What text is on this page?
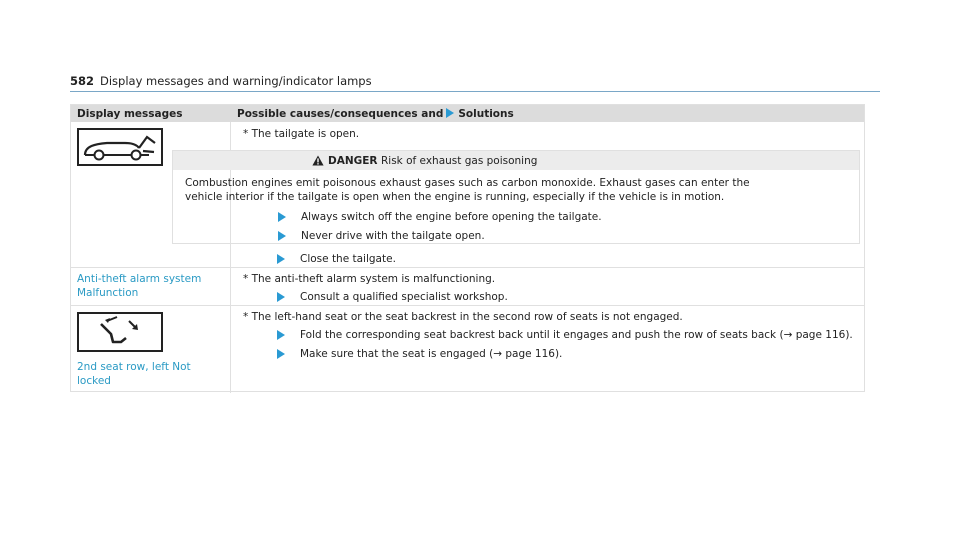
582 Display messages and warning/indicator lamps
Display messages	Possible causes/consequences and Solutions
* The tailgate is open.
DANGER Risk of exhaust gas poisoning
Combustion engines emit poisonous exhaust gases such as carbon monoxide. Exhaust gases can enter the
vehicle interior if the tailgate is open when the engine is running, especially if the vehicle is in motion.
Always switch off the engine before opening the tailgate.
Never drive with the tailgate open.
Close the tailgate.
Anti-theft alarm system
Malfunction
* The anti-theft alarm system is malfunctioning.
Consult a qualified specialist workshop.
2nd seat row, left Not
locked
* The left-hand seat or the seat backrest in the second row of seats is not engaged.
Fold the corresponding seat backrest back until it engages and push the row of seats back (→ page 116).
Make sure that the seat is engaged (→ page 116).
